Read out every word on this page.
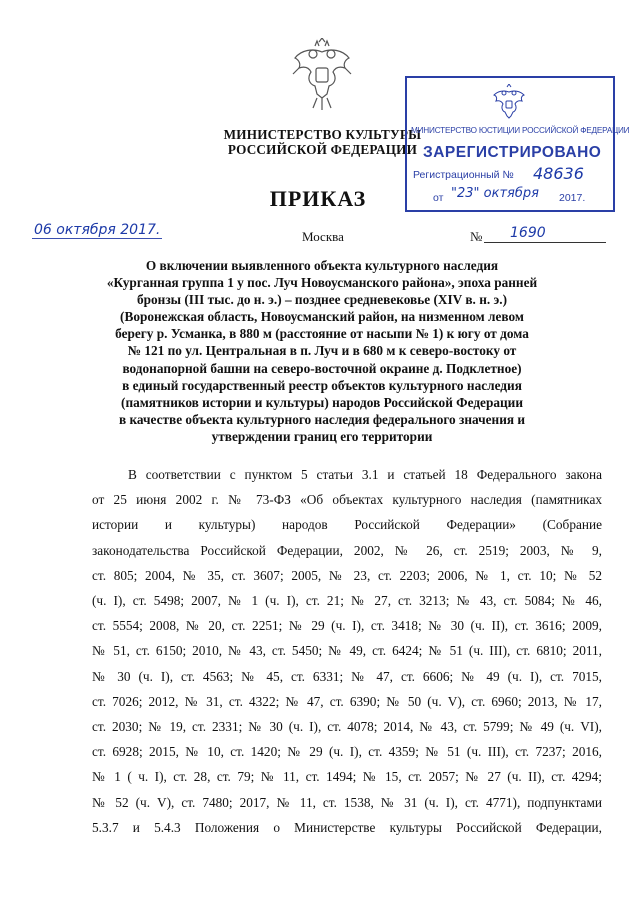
МИНИСТЕРСТВО КУЛЬТУРЫ
РОССИЙСКОЙ ФЕДЕРАЦИИ
ПРИКАЗ
06 октября 2017.	Москва	№ 1690
МИНИСТЕРСТВО ЮСТИЦИИ РОССИЙСКОЙ ФЕДЕРАЦИИ
ЗАРЕГИСТРИРОВАНО
Регистрационный № 48636
от "23" октября 2017.
О включении выявленного объекта культурного наследия
«Курганная группа 1 у пос. Луч Новоусманского района», эпоха ранней
бронзы (III тыс. до н. э.) – позднее средневековье (XIV в. н. э.)
(Воронежская область, Новоусманский район, на низменном левом
берегу р. Усманка, в 880 м (расстояние от насыпи № 1) к югу от дома
№ 121 по ул. Центральная в п. Луч и в 680 м к северо-востоку от
водонапорной башни на северо-восточной окраине д. Подклетное)
в единый государственный реестр объектов культурного наследия
(памятников истории и культуры) народов Российской Федерации
в качестве объекта культурного наследия федерального значения и
утверждении границ его территории
В соответствии с пунктом 5 статьи 3.1 и статьей 18 Федерального закона
от 25 июня 2002 г. № 73-ФЗ «Об объектах культурного наследия (памятниках
истории и культуры) народов Российской Федерации» (Собрание
законодательства Российской Федерации, 2002, № 26, ст. 2519; 2003, № 9,
ст. 805; 2004, № 35, ст. 3607; 2005, № 23, ст. 2203; 2006, № 1, ст. 10; № 52
(ч. I), ст. 5498; 2007, № 1 (ч. I), ст. 21; № 27, ст. 3213; № 43, ст. 5084; № 46,
ст. 5554; 2008, № 20, ст. 2251; № 29 (ч. I), ст. 3418; № 30 (ч. II), ст. 3616; 2009,
№ 51, ст. 6150; 2010, № 43, ст. 5450; № 49, ст. 6424; № 51 (ч. III), ст. 6810; 2011,
№ 30 (ч. I), ст. 4563; № 45, ст. 6331; № 47, ст. 6606; № 49 (ч. I), ст. 7015,
ст. 7026; 2012, № 31, ст. 4322; № 47, ст. 6390; № 50 (ч. V), ст. 6960; 2013, № 17,
ст. 2030; № 19, ст. 2331; № 30 (ч. I), ст. 4078; 2014, № 43, ст. 5799; № 49 (ч. VI),
ст. 6928; 2015, № 10, ст. 1420; № 29 (ч. I), ст. 4359; № 51 (ч. III), ст. 7237; 2016,
№ 1 ( ч. I), ст. 28, ст. 79; № 11, ст. 1494; № 15, ст. 2057; № 27 (ч. II), ст. 4294;
№ 52 (ч. V), ст. 7480; 2017, № 11, ст. 1538, № 31 (ч. I), ст. 4771), подпунктами
5.3.7 и 5.4.3 Положения о Министерстве культуры Российской Федерации,
